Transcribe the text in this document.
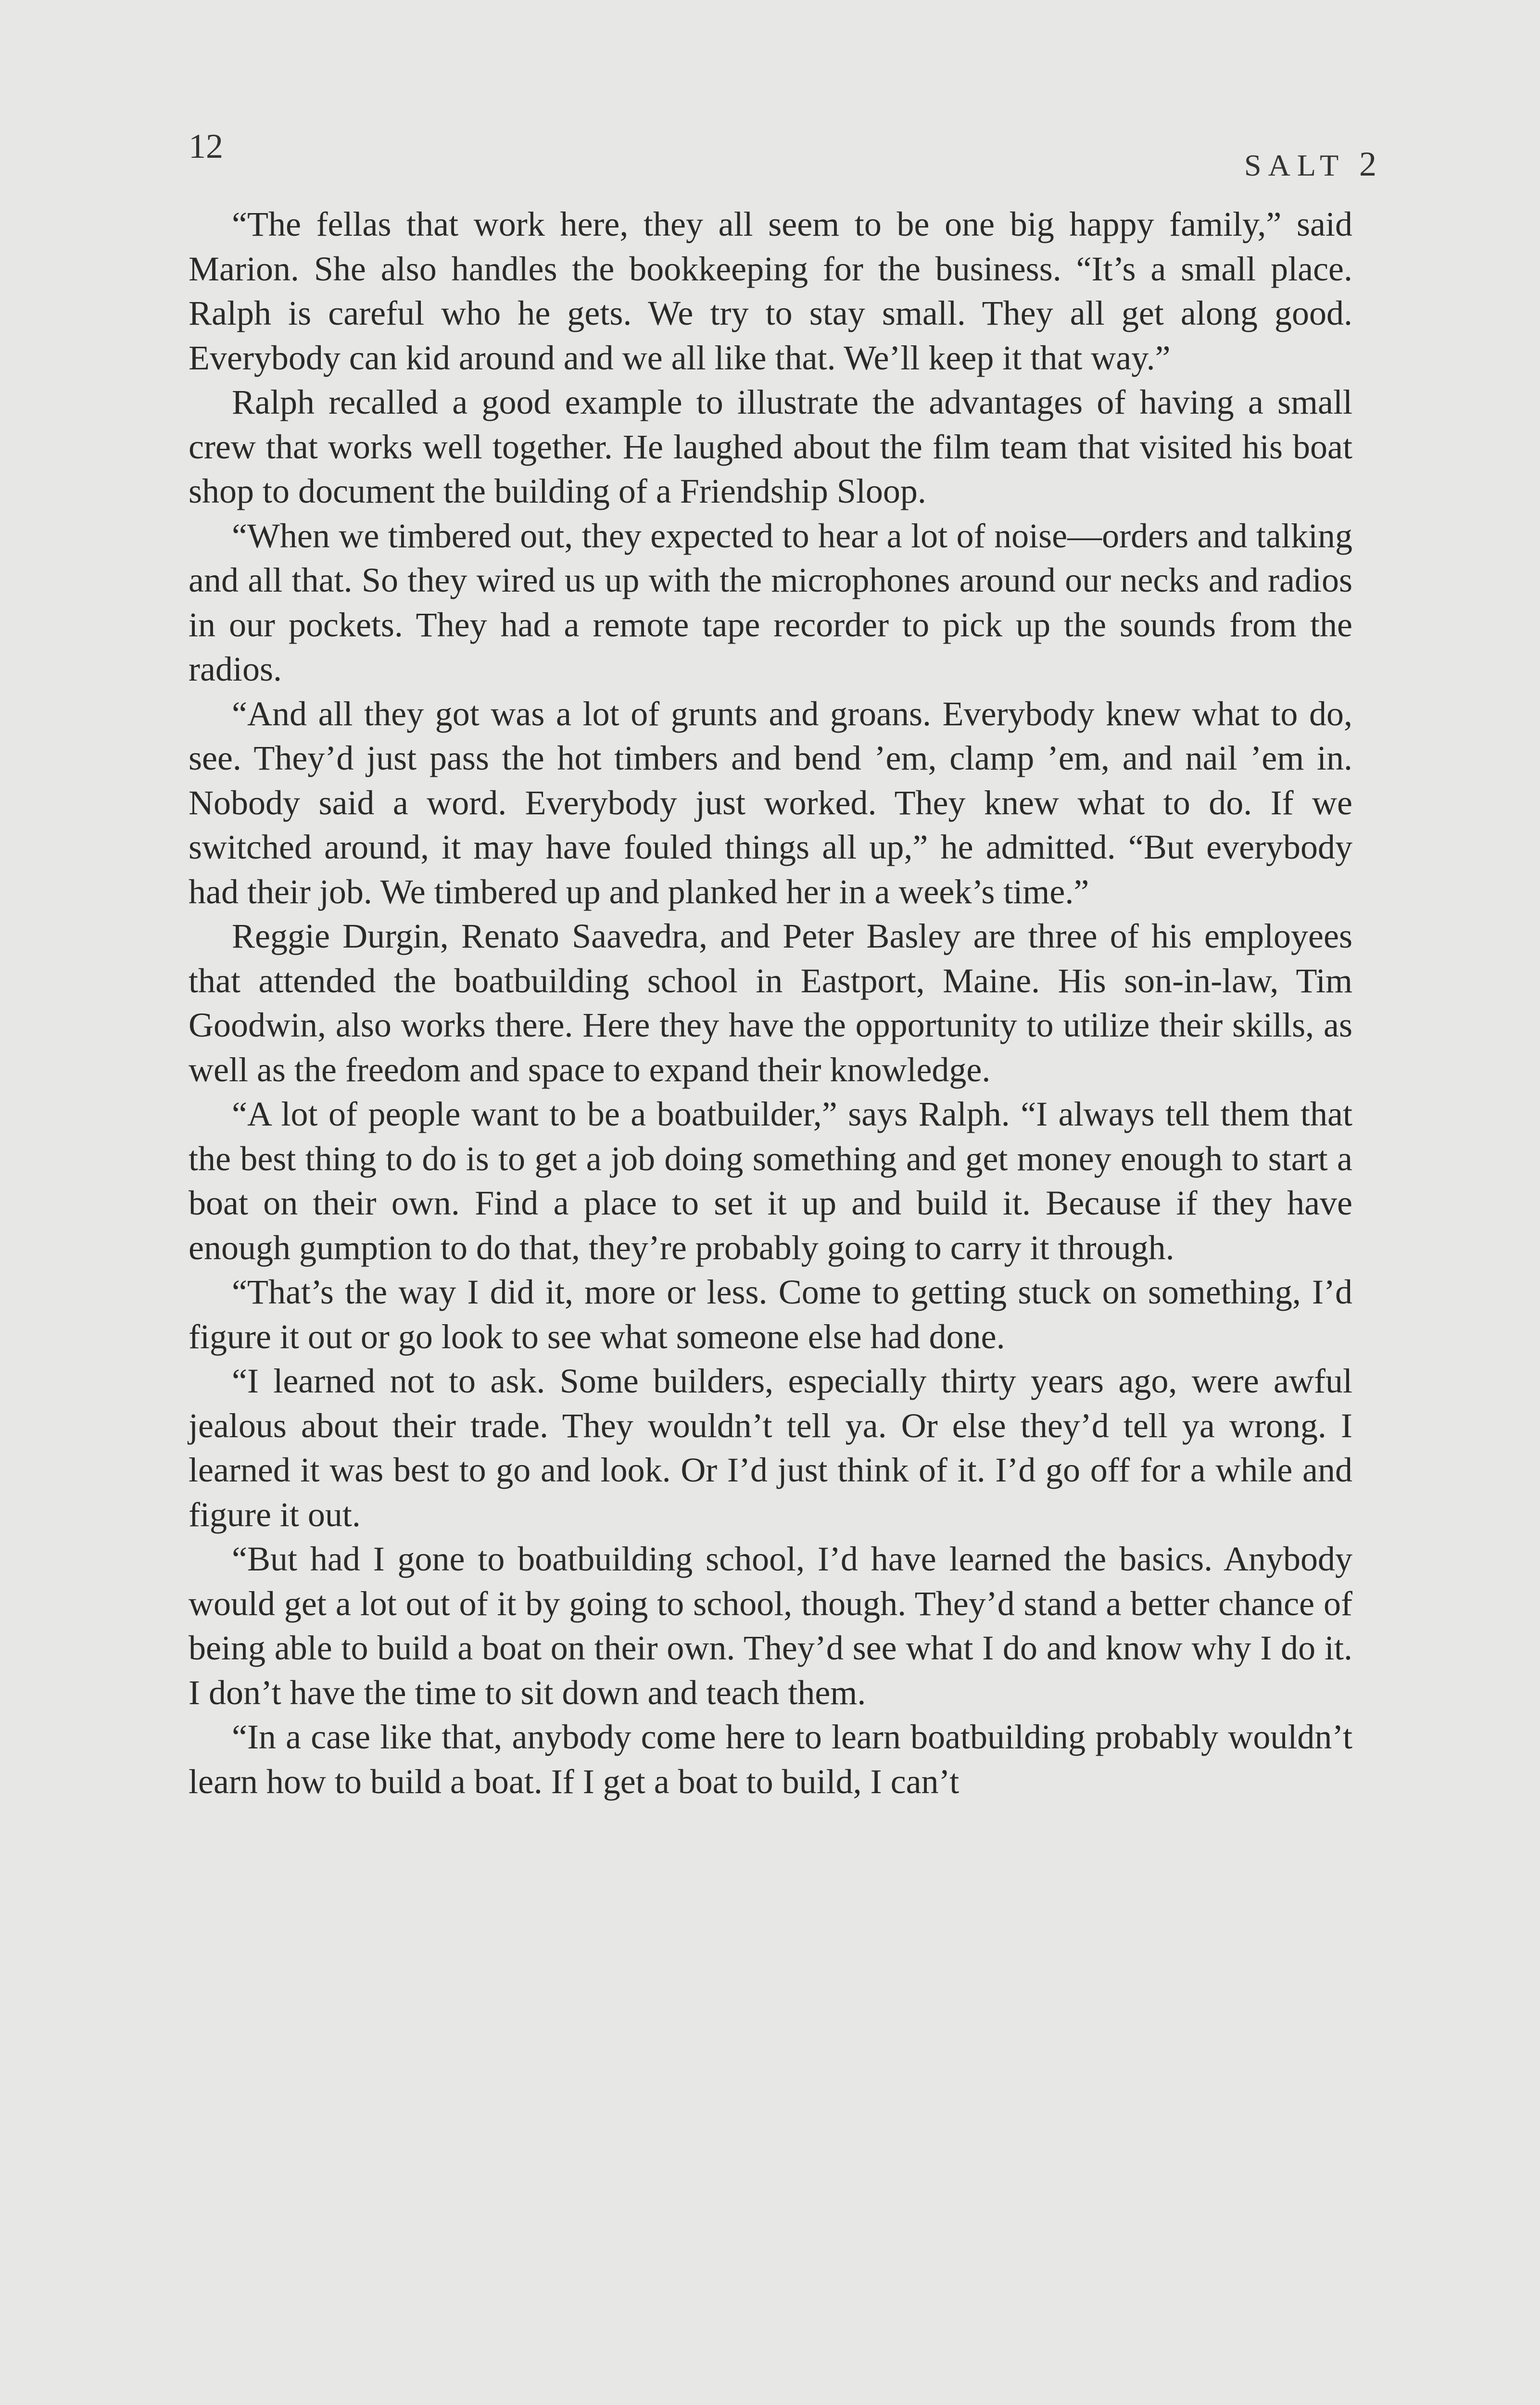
12	SALT 2

“The fellas that work here, they all seem to be one big happy family,” said Marion. She also handles the bookkeeping for the business. “It’s a small place. Ralph is careful who he gets. We try to stay small. They all get along good. Everybody can kid around and we all like that. We’ll keep it that way.”

Ralph recalled a good example to illustrate the advantages of having a small crew that works well together. He laughed about the film team that visited his boat shop to document the building of a Friendship Sloop.

“When we timbered out, they expected to hear a lot of noise—orders and talking and all that. So they wired us up with the microphones around our necks and radios in our pockets. They had a remote tape recorder to pick up the sounds from the radios.

“And all they got was a lot of grunts and groans. Everybody knew what to do, see. They’d just pass the hot timbers and bend ’em, clamp ’em, and nail ’em in. Nobody said a word. Everybody just worked. They knew what to do. If we switched around, it may have fouled things all up,” he admitted. “But everybody had their job. We timbered up and planked her in a week’s time.”

Reggie Durgin, Renato Saavedra, and Peter Basley are three of his employees that attended the boatbuilding school in Eastport, Maine. His son-in-law, Tim Goodwin, also works there. Here they have the opportunity to utilize their skills, as well as the freedom and space to expand their knowledge.

“A lot of people want to be a boatbuilder,” says Ralph. “I always tell them that the best thing to do is to get a job doing something and get money enough to start a boat on their own. Find a place to set it up and build it. Because if they have enough gumption to do that, they’re probably going to carry it through.

“That’s the way I did it, more or less. Come to getting stuck on something, I’d figure it out or go look to see what someone else had done.

“I learned not to ask. Some builders, especially thirty years ago, were awful jealous about their trade. They wouldn’t tell ya. Or else they’d tell ya wrong. I learned it was best to go and look. Or I’d just think of it. I’d go off for a while and figure it out.

“But had I gone to boatbuilding school, I’d have learned the basics. Anybody would get a lot out of it by going to school, though. They’d stand a better chance of being able to build a boat on their own. They’d see what I do and know why I do it. I don’t have the time to sit down and teach them.

“In a case like that, anybody come here to learn boatbuilding probably wouldn’t learn how to build a boat. If I get a boat to build, I can’t
